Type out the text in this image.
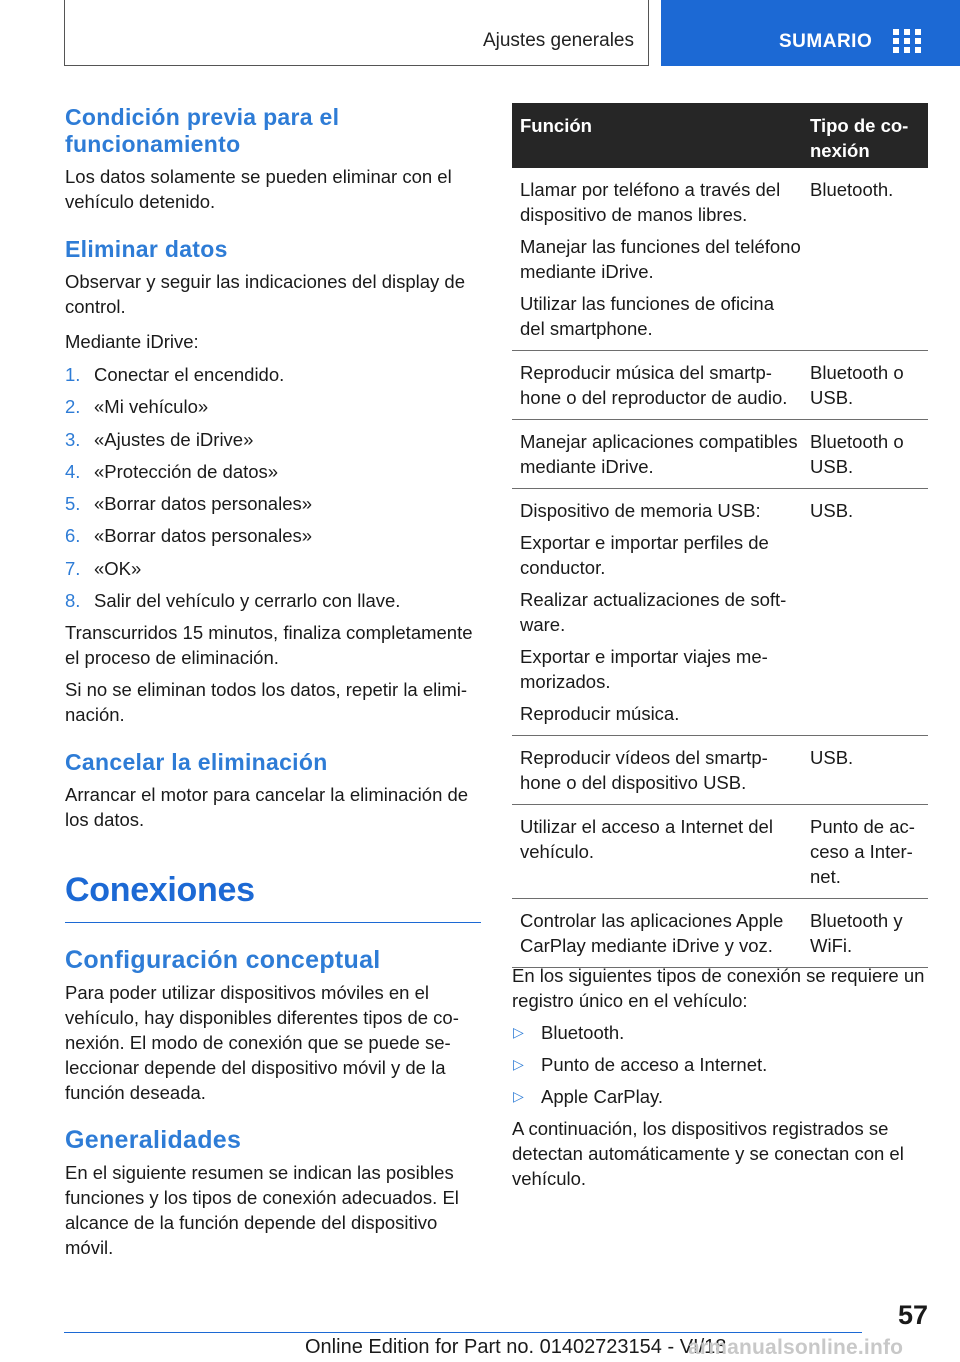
Ajustes generales	SUMARIO
Condición previa para el funcionamiento

Los datos solamente se pueden eliminar con el vehículo detenido.

Eliminar datos

Observar y seguir las indicaciones del display de control.

Mediante iDrive:

1. Conectar el encendido.
2. «Mi vehículo»
3. «Ajustes de iDrive»
4. «Protección de datos»
5. «Borrar datos personales»
6. «Borrar datos personales»
7. «OK»
8. Salir del vehículo y cerrarlo con llave.

Transcurridos 15 minutos, finaliza completamente el proceso de eliminación.

Si no se eliminan todos los datos, repetir la eliminación.

Cancelar la eliminación

Arrancar el motor para cancelar la eliminación de los datos.

Conexiones
Configuración conceptual

Para poder utilizar dispositivos móviles en el vehículo, hay disponibles diferentes tipos de conexión. El modo de conexión que se puede seleccionar depende del dispositivo móvil y de la función deseada.

Generalidades

En el siguiente resumen se indican las posibles funciones y los tipos de conexión adecuados. El alcance de la función depende del dispositivo móvil.

Función	Tipo de conexión

Llamar por teléfono a través del dispositivo de manos libres.

Manejar las funciones del teléfono mediante iDrive.

Utilizar las funciones de oficina del smartphone.

Bluetooth.

Reproducir música del smartphone o del reproductor de audio.

Bluetooth o USB.

Manejar aplicaciones compatibles mediante iDrive.

Bluetooth o USB.

Dispositivo de memoria USB:

Exportar e importar perfiles de conductor.

Realizar actualizaciones de software.

Exportar e importar viajes memorizados.

Reproducir música.

USB.

Reproducir vídeos del smartphone o del dispositivo USB.

USB.

Utilizar el acceso a Internet del vehículo.

Punto de acceso a Internet.

Controlar las aplicaciones Apple CarPlay mediante iDrive y voz.

Bluetooth y WiFi.

En los siguientes tipos de conexión se requiere un registro único en el vehículo:

▷ Bluetooth.
▷ Punto de acceso a Internet.
▷ Apple CarPlay.

A continuación, los dispositivos registrados se detectan automáticamente y se conectan con el vehículo.

57
Online Edition for Part no. 01402723154 - VI/18
armanualsonline.info
